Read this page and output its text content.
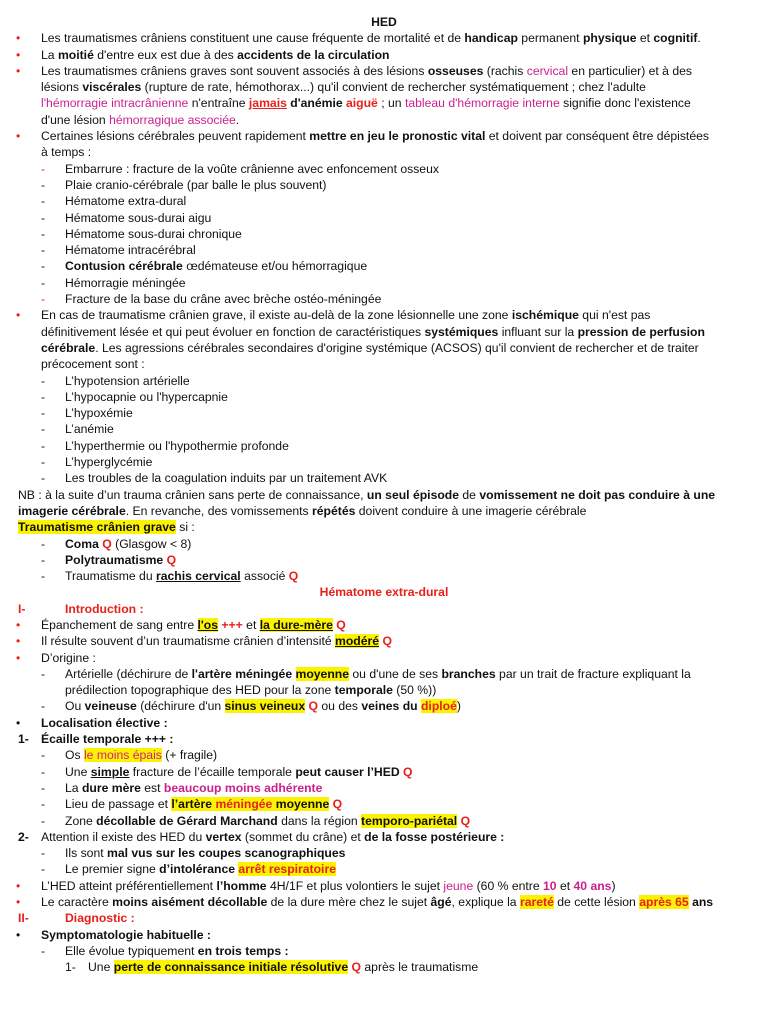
HED
• Les traumatismes crâniens constituent une cause fréquente de mortalité et de handicap permanent physique et cognitif.
• La moitié d'entre eux est due à des accidents de la circulation
• Les traumatismes crâniens graves sont souvent associés à des lésions osseuses (rachis cervical en particulier) et à des
lésions viscérales (rupture de rate, hémothorax...) qu'il convient de rechercher systématiquement ; chez l'adulte
l'hémorragie intracrânienne n'entraîne jamais d'anémie aiguë ; un tableau d'hémorragie interne signifie donc l'existence
d'une lésion hémorragique associée.
• Certaines lésions cérébrales peuvent rapidement mettre en jeu le pronostic vital et doivent par conséquent être dépistées
à temps :
- Embarrure : fracture de la voûte crânienne avec enfoncement osseux
- Plaie cranio-cérébrale (par balle le plus souvent)
- Hématome extra-dural
- Hématome sous-durai aigu
- Hématome sous-durai chronique
- Hématome intracérébral
- Contusion cérébrale œdémateuse et/ou hémorragique
- Hémorragie méningée
- Fracture de la base du crâne avec brèche ostéo-méningée
• En cas de traumatisme crânien grave, il existe au-delà de la zone lésionnelle une zone ischémique qui n'est pas
définitivement lésée et qui peut évoluer en fonction de caractéristiques systémiques influant sur la pression de perfusion
cérébrale. Les agressions cérébrales secondaires d'origine systémique (ACSOS) qu'il convient de rechercher et de traiter
précocement sont :
- L’hypotension artérielle
- L’hypocapnie ou l'hypercapnie
- L’hypoxémie
- L’anémie
- L’hyperthermie ou l'hypothermie profonde
- L’hyperglycémie
- Les troubles de la coagulation induits par un traitement AVK
NB : à la suite d’un trauma crânien sans perte de connaissance, un seul épisode de vomissement ne doit pas conduire à une
imagerie cérébrale. En revanche, des vomissements répétés doivent conduire à une imagerie cérébrale
Traumatisme crânien grave si :
- Coma Q (Glasgow < 8)
- Polytraumatisme Q
- Traumatisme du rachis cervical associé Q
Hématome extra-dural
I-	Introduction :
• Épanchement de sang entre l'os +++ et la dure-mère Q
• Il résulte souvent d’un traumatisme crânien d’intensité modéré Q
• D’origine :
- Artérielle (déchirure de l'artère méningée moyenne ou d'une de ses branches par un trait de fracture expliquant la
prédilection topographique des HED pour la zone temporale (50 %))
- Ou veineuse (déchirure d'un sinus veineux Q ou des veines du diploé)
• Localisation élective :
1- Écaille temporale +++ :
- Os le moins épais (+ fragile)
- Une simple fracture de l’écaille temporale peut causer l’HED Q
- La dure mère est beaucoup moins adhérente
- Lieu de passage et l’artère méningée moyenne Q
- Zone décollable de Gérard Marchand dans la région temporo-pariétal Q
2- Attention il existe des HED du vertex (sommet du crâne) et de la fosse postérieure :
- Ils sont mal vus sur les coupes scanographiques
- Le premier signe d’intolérance arrêt respiratoire
• L’HED atteint préférentiellement l’homme 4H/1F et plus volontiers le sujet jeune (60 % entre 10 et 40 ans)
• Le caractère moins aisément décollable de la dure mère chez le sujet âgé, explique la rareté de cette lésion après 65 ans
II-	Diagnostic :
• Symptomatologie habituelle :
- Elle évolue typiquement en trois temps :
1- Une perte de connaissance initiale résolutive Q après le traumatisme
